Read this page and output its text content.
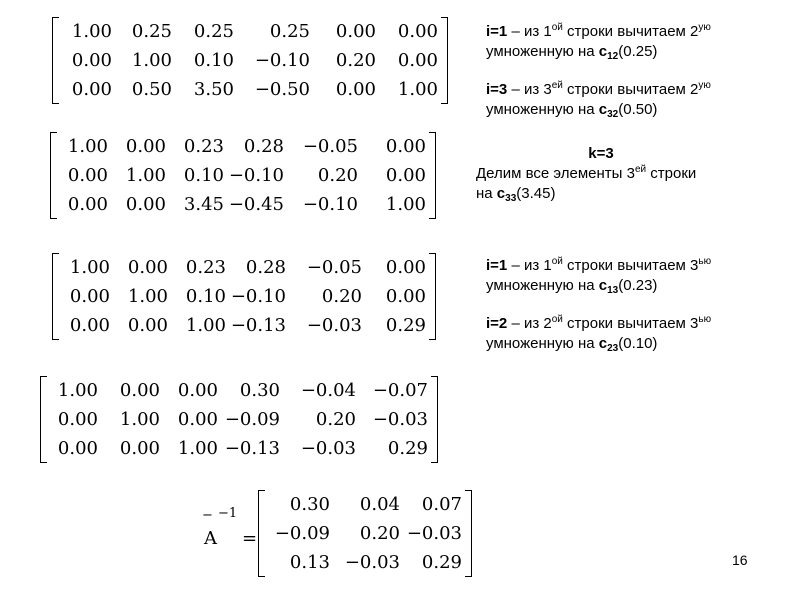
1.00	0.25	0.25	0.25	0.00	0.00
0.00	1.00	0.10	−0.10	0.20	0.00
0.00	0.50	3.50	−0.50	0.00	1.00
1.00	0.00	0.23	0.28	−0.05	0.00
0.00	1.00	0.10	−0.10	0.20	0.00
0.00	0.00	3.45	−0.45	−0.10	1.00
1.00	0.00	0.23	0.28	−0.05	0.00
0.00	1.00	0.10	−0.10	0.20	0.00
0.00	0.00	1.00	−0.13	−0.03	0.29
1.00	0.00	0.00	0.30	−0.04	−0.07
0.00	1.00	0.00	−0.09	0.20	−0.03
0.00	0.00	1.00	−0.13	−0.03	0.29
− −1
A =
0.30	0.04	0.07
−0.09	0.20	−0.03
0.13	−0.03	0.29
i=1 – из $1^{ой}$ строки вычитаем $2^{ую}$
умноженную на $c_{12}(0.25)$
i=3 – из $3^{ей}$ строки вычитаем $2^{ую}$
умноженную на $c_{32}(0.50)$
k=3
Делим все элементы $3^{ей}$ строки
на $c_{33}(3.45)$
i=1 – из $1^{ой}$ строки вычитаем $3^{ью}$
умноженную на $c_{13}(0.23)$
i=2 – из $2^{ой}$ строки вычитаем $3^{ью}$
умноженную на $c_{23}(0.10)$
16
